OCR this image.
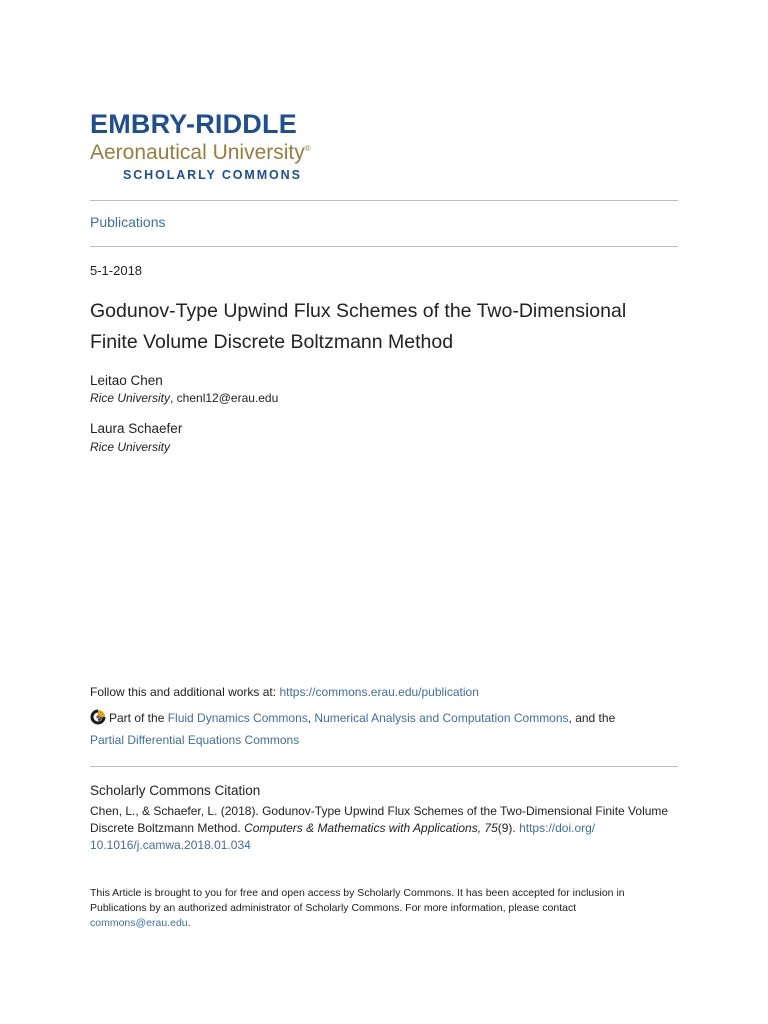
EMBRY-RIDDLE
Aeronautical University®
SCHOLARLY COMMONS
Publications
5-1-2018
Godunov-Type Upwind Flux Schemes of the Two-Dimensional Finite Volume Discrete Boltzmann Method
Leitao Chen
Rice University, chenl12@erau.edu
Laura Schaefer
Rice University
Follow this and additional works at: https://commons.erau.edu/publication
Part of the Fluid Dynamics Commons, Numerical Analysis and Computation Commons, and the
Partial Differential Equations Commons
Scholarly Commons Citation
Chen, L., & Schaefer, L. (2018). Godunov-Type Upwind Flux Schemes of the Two-Dimensional Finite Volume Discrete Boltzmann Method. Computers & Mathematics with Applications, 75(9). https://doi.org/
10.1016/j.camwa.2018.01.034
This Article is brought to you for free and open access by Scholarly Commons. It has been accepted for inclusion in Publications by an authorized administrator of Scholarly Commons. For more information, please contact
commons@erau.edu.
